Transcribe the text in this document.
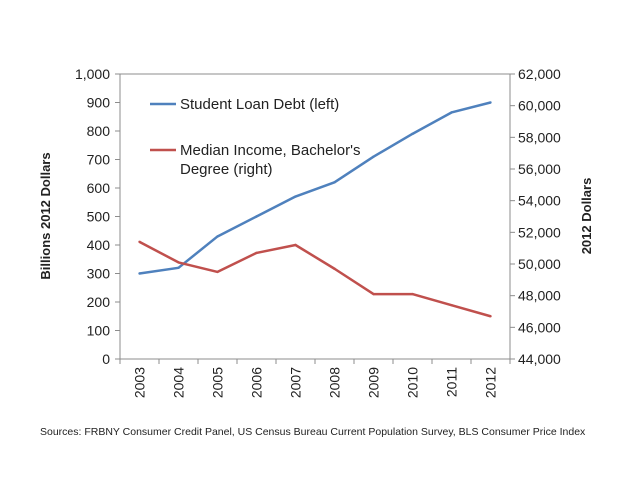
0
100
200
300
400
500
600
700
800
900
1,000
44,000
46,000
48,000
50,000
52,000
54,000
56,000
58,000
60,000
62,000
2003 2004 2005 2006 2007 2008 2009 2010 2011 2012
Billions 2012 Dollars	2012 Dollars
Student Loan Debt (left)
Median Income, Bachelor's
Degree (right)
Sources: FRBNY Consumer Credit Panel, US Census Bureau Current Population Survey, BLS Consumer Price Index
